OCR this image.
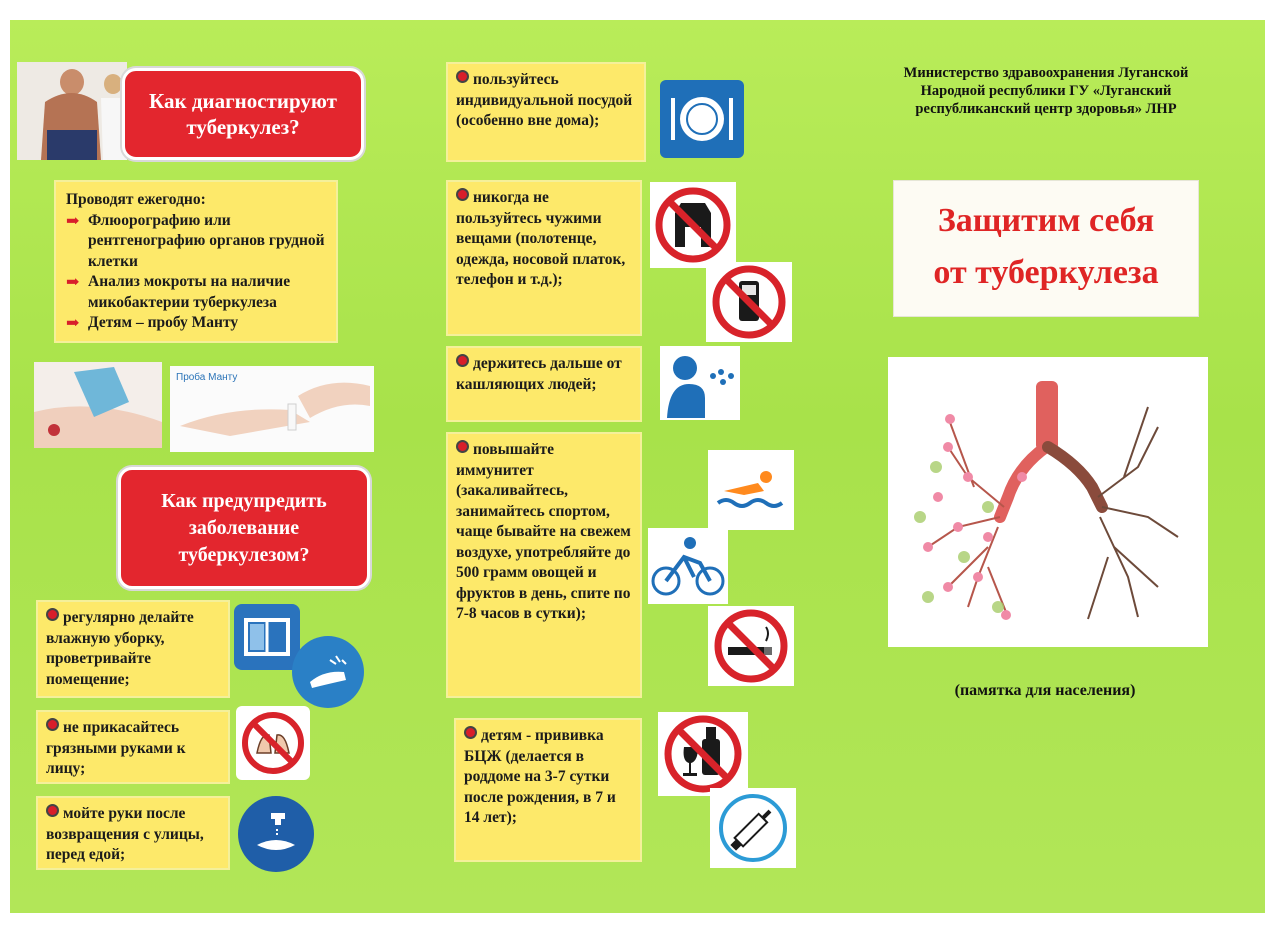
Как диагностируют туберкулез?
Проводят ежегодно:
➡ Флюорографию или рентгенографию органов грудной клетки
➡ Анализ мокроты на наличие микобактерии туберкулеза
➡ Детям – пробу Манту
Проба Манту
Как предупредить заболевание туберкулезом?
регулярно делайте влажную уборку, проветривайте помещение;
не прикасайтесь грязными руками к лицу;
мойте руки после возвращения с улицы, перед едой;
пользуйтесь индивидуальной посудой (особенно вне дома);
никогда не пользуйтесь чужими вещами (полотенце, одежда, носовой платок, телефон и т.д.);
держитесь дальше от кашляющих людей;
повышайте иммунитет (закаливайтесь, занимайтесь спортом, чаще бывайте на свежем воздухе, употребляйте до 500 грамм овощей и фруктов в день, спите по 7-8 часов в сутки);
детям - прививка БЦЖ (делается в роддоме на 3-7 сутки после рождения, в 7 и 14 лет);
Министерство здравоохранения Луганской Народной республики ГУ «Луганский республиканский центр здоровья» ЛНР
Защитим себя
от туберкулеза
(памятка для населения)
